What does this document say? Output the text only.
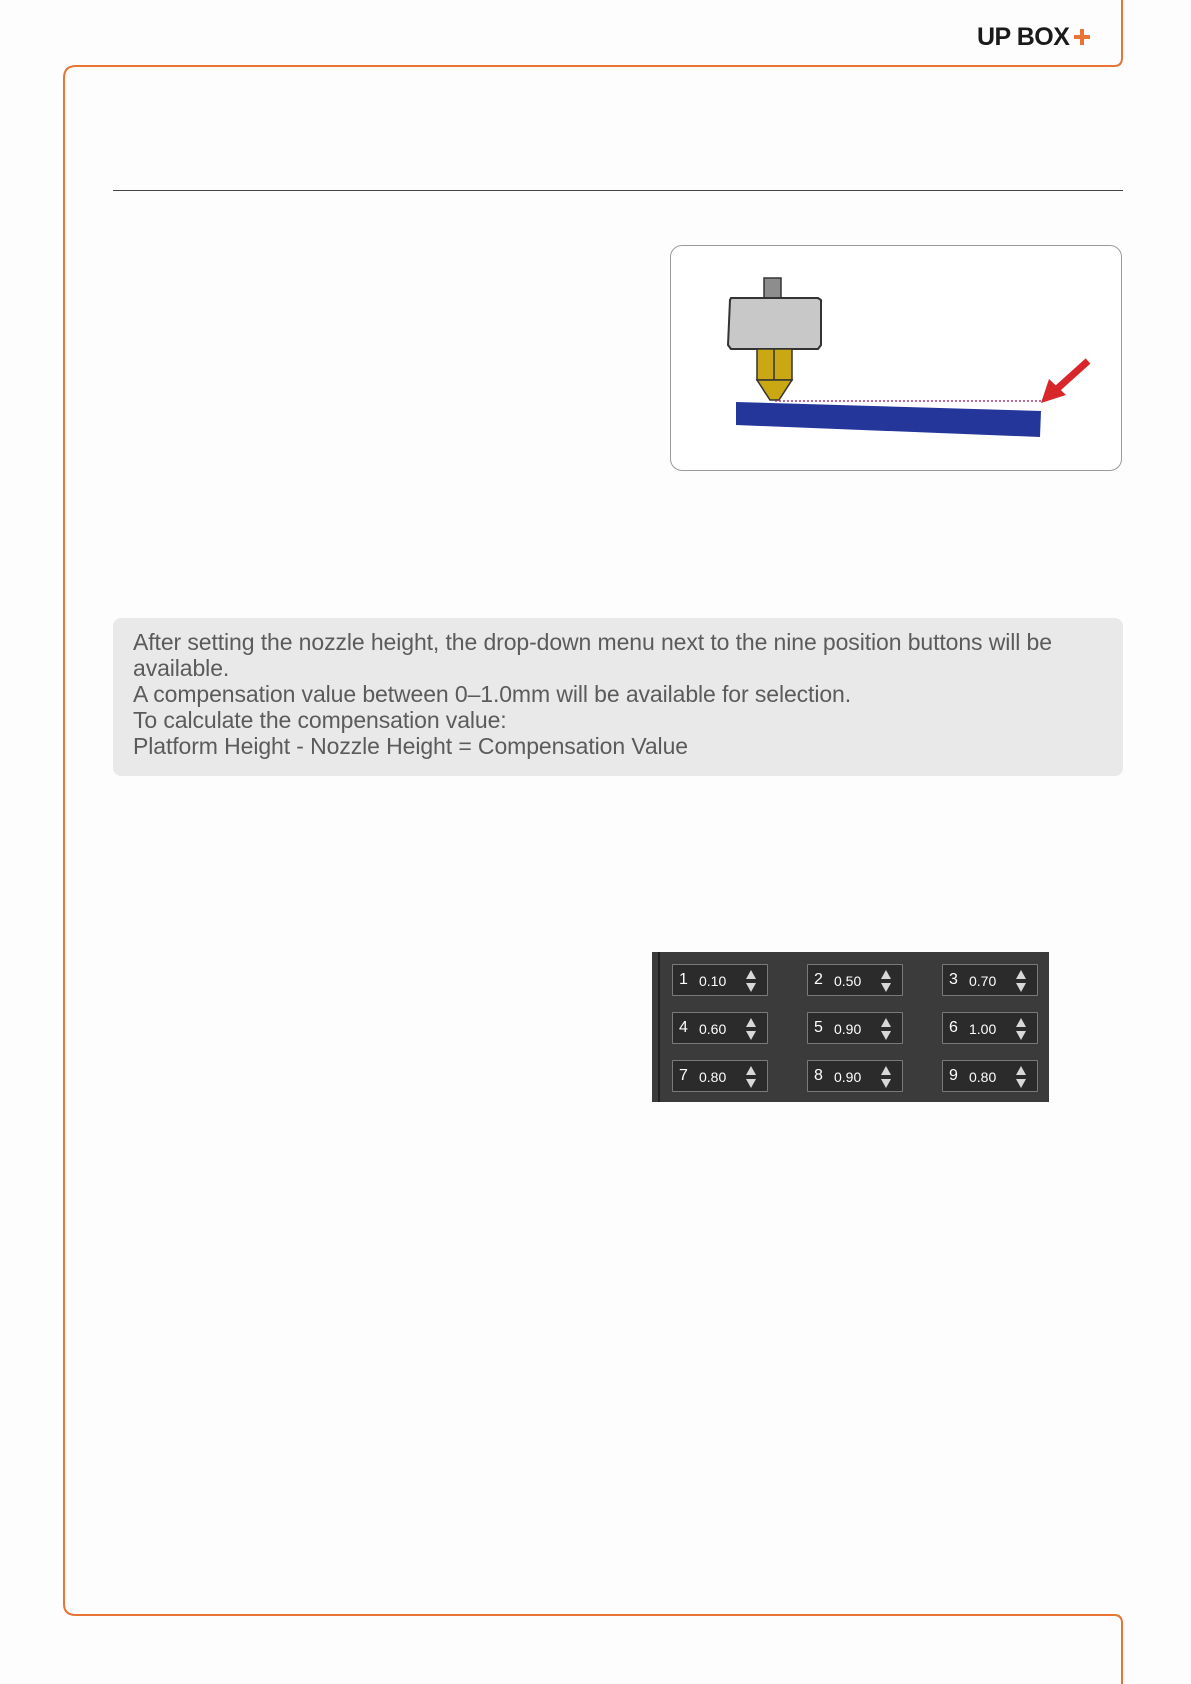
UP BOX

After setting the nozzle height, the drop-down menu next to the nine position buttons will be

available.

A compensation value between 0–1.0mm will be available for selection.

To calculate the compensation value:

Platform Height - Nozzle Height = Compensation Value

1 0.10	2 0.50	3 0.70
4 0.60	5 0.90	6 1.00
7 0.80	8 0.90	9 0.80
